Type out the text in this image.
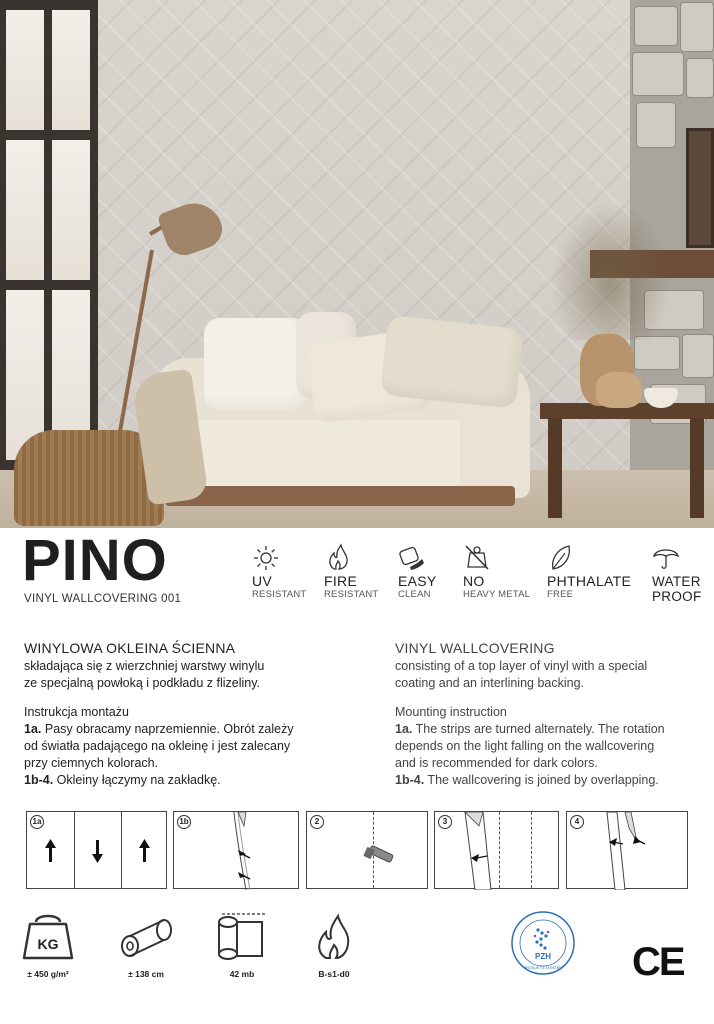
PINO
VINYL WALLCOVERING 001
UV
RESISTANT
FIRE
RESISTANT
EASY
CLEAN
NO
HEAVY METAL
PHTHALATE
FREE
WATER
PROOF
WINYLOWA OKLEINA ŚCIENNA

składająca się z wierzchniej warstwy winylu

ze specjalną powłoką i podkładu z flizeliny.

Instrukcja montażu

1a. Pasy obracamy naprzemiennie. Obrót zależy

od światła padającego na okleinę i jest zalecany

przy ciemnych kolorach.

1b-4. Okleiny łączymy na zakładkę.

VINYL WALLCOVERING

consisting of a top layer of vinyl with a special

coating and an interlining backing.

Mounting instruction

1a. The strips are turned alternately. The rotation

depends on the light falling on the wallcovering

and is recommended for dark colors.

1b-4. The wallcovering is joined by overlapping.

1a	1b	2	3	4
KG
± 450 g/m²	± 138 cm	42 mb	B-s1-d0
PZH
PRODUKT Z ATESTEM CE
